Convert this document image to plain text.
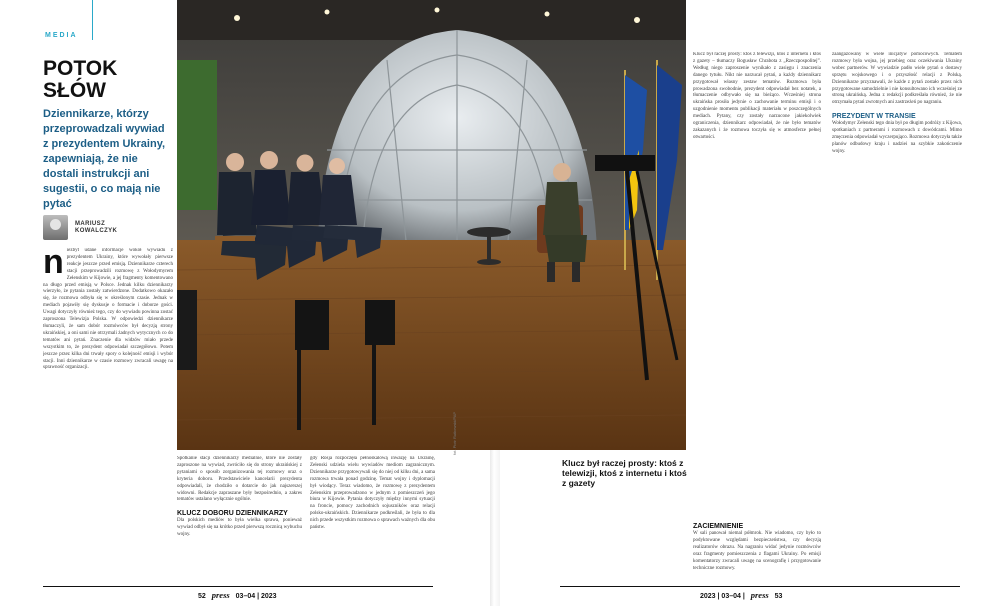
MEDIA
POTOK SŁÓW
Dziennikarze, którzy przeprowadzali wywiad z prezydentem Ukrainy, zapewniają, że nie dostali instrukcji ani sugestii, o co mają nie pytać
MARIUSZ
KOWALCZYK
n iezbyt udane informacje wokół wywiadu z prezydentem Ukrainy, które wywołały pierwsze reakcje jeszcze przed emisją. Dziennikarze czterech stacji przeprowadzili rozmowę z Wołodymyrem Zełenskim w Kijowie, a jej fragmenty komentowano na długo przed emisją w Polsce. Jednak kilku dziennikarzy wierzyło, że pytania zostały zatwierdzone. Dodatkowo okazało się, że rozmowa odbyła się w określonym czasie. Jednak w mediach pojawiły się dyskusje o formacie i doborze gości. Uwagi dotyczyły również tego, czy do wywiadu powinna zostać zaproszona Telewizja Polska. W odpowiedzi dziennikarze tłumaczyli, że sam dobór rozmówców był decyzją strony ukraińskiej, a oni sami nie otrzymali żadnych wytycznych co do tematów ani pytań. Znaczenie dla widzów miało przede wszystkim to, że prezydent odpowiadał szczegółowo. Potem jeszcze przez kilka dni trwały spory o kolejność emisji i wybór stacji. Inni dziennikarze w czasie rozmowy zwracali uwagę na sprawność organizacji.
Spotkanie stacji dziennikarzy medialnie, które nie zostały zaproszone na wywiad, zwróciło się do strony ukraińskiej z pytaniami o sposób zorganizowania tej rozmowy oraz o kryteria doboru. Przedstawiciele kancelarii prezydenta odpowiadali, że chodziło o dotarcie do jak najszerszej widowni. Redakcje zapraszane były bezpośrednio, a zakres tematów ustalano wyłącznie ogólnie.
KLUCZ DOBORU DZIENNIKARZY
Dla polskich mediów to była wielka sprawa, ponieważ wywiad odbył się na krótko przed pierwszą rocznicą wybuchu wojny.
gdy Rosja rozpoczęła pełnoskalową inwazję na Ukrainę, Zełenski udziela wielu wywiadów mediom zagranicznym. Dziennikarze przygotowywali się do niej od kilku dni, a sama rozmowa trwała ponad godzinę. Temat wojny i dyplomacji był wiodący. Teraz wiadomo, że rozmowę z prezydentem Zełenskim przeprowadzono w jednym z pomieszczeń jego biura w Kijowie. Pytania dotyczyły między innymi sytuacji na froncie, pomocy zachodnich sojuszników oraz relacji polsko-ukraińskich. Dziennikarze podkreślali, że była to dla nich przede wszystkim rozmowa o sprawach ważnych dla obu państw.
52 press 03–04 | 2023
fot. Piotr Rutkowski/PAP
Klucz był raczej prosty: ktoś z telewizji, ktoś z internetu i ktoś z gazety – tłumaczy Bogusław Chrabota z „Rzeczpospolitej”. Według niego zaproszenie wynikało z zasięgu i znaczenia danego tytułu. Nikt nie narzucał pytań, a każdy dziennikarz przygotował własny zestaw tematów. Rozmowa była prowadzona swobodnie, prezydent odpowiadał bez notatek, a tłumaczenie odbywało się na bieżąco. Wcześniej strona ukraińska prosiła jedynie o zachowanie terminu emisji i o uzgodnienie momentu publikacji materiału w poszczególnych mediach. Pytany, czy zostały narzucone jakiekolwiek ograniczenia, dziennikarz odpowiadał, że nie było tematów zakazanych i że rozmowa toczyła się w atmosferze pełnej otwartości.
ZACIEMNIENIE
W sali panował niemal półmrok. Nie wiadomo, czy było to podyktowane względami bezpieczeństwa, czy decyzją realizatorów obrazu. Na nagraniu widać jedynie rozmówców oraz fragmenty pomieszczenia z flagami Ukrainy. Po emisji komentatorzy zwracali uwagę na scenografię i przygotowanie techniczne rozmowy.
zaangażowany w wiele inicjatyw pomocowych. Tematem rozmowy była wojna, jej przebieg oraz oczekiwania Ukrainy wobec partnerów. W wywiadzie padło wiele pytań o dostawy sprzętu wojskowego i o przyszłość relacji z Polską. Dziennikarze przyznawali, że każde z pytań zostało przez nich przygotowane samodzielnie i nie konsultowano ich wcześniej ze stroną ukraińską. Jedna z redakcji podkreślała również, że nie otrzymała pytań zwrotnych ani zastrzeżeń po nagraniu.
PREZYDENT W TRANSIE
Wołodymyr Zełenski tego dnia był po długim podróży z Kijowa, spotkaniach z partnerami i rozmowach z dowódcami. Mimo zmęczenia odpowiadał wyczerpująco. Rozmowa dotyczyła także planów odbudowy kraju i nadziei na szybkie zakończenie wojny.
2023 | 03–04 | press 53
Klucz był raczej prosty: ktoś z telewizji, ktoś z internetu i ktoś z gazety
